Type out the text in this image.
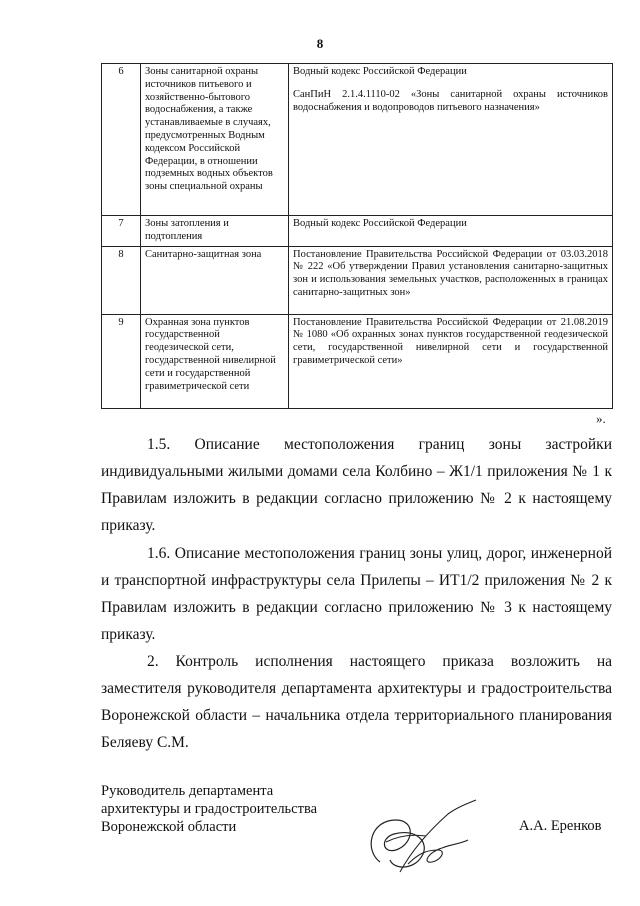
8
6	Зоны санитарной охраны источников питьевого и хозяйственно-бытового водоснабжения, а также устанавливаемые в случаях, предусмотренных Водным кодексом Российской Федерации, в отношении подземных водных объектов зоны специальной охраны	Водный кодекс Российской Федерации
СанПиН 2.1.4.1110-02 «Зоны санитарной охраны источников водоснабжения и водопроводов питьевого назначения»

7	Зоны затопления и подтопления	Водный кодекс Российской Федерации

8	Санитарно-защитная зона	Постановление Правительства Российской Федерации от 03.03.2018 № 222 «Об утверждении Правил установления санитарно-защитных зон и использования земельных участков, расположенных в границах санитарно-защитных зон»

9	Охранная зона пунктов государственной геодезической сети, государственной нивелирной сети и государственной гравиметрической сети	Постановление Правительства Российской Федерации от 21.08.2019 № 1080 «Об охранных зонах пунктов государственной геодезической сети, государственной нивелирной сети и государственной гравиметрической сети»
».

1.5. Описание местоположения границ зоны застройки индивидуальными жилыми домами села Колбино – Ж1/1 приложения № 1 к Правилам изложить в редакции согласно приложению № 2 к настоящему приказу.

1.6. Описание местоположения границ зоны улиц, дорог, инженерной и транспортной инфраструктуры села Прилепы – ИТ1/2 приложения № 2 к Правилам изложить в редакции согласно приложению № 3 к настоящему приказу.

2. Контроль исполнения настоящего приказа возложить на заместителя руководителя департамента архитектуры и градостроительства Воронежской области – начальника отдела территориального планирования Беляеву С.М.

Руководитель департамента
архитектуры и градостроительства
Воронежской области	А.А. Еренков
